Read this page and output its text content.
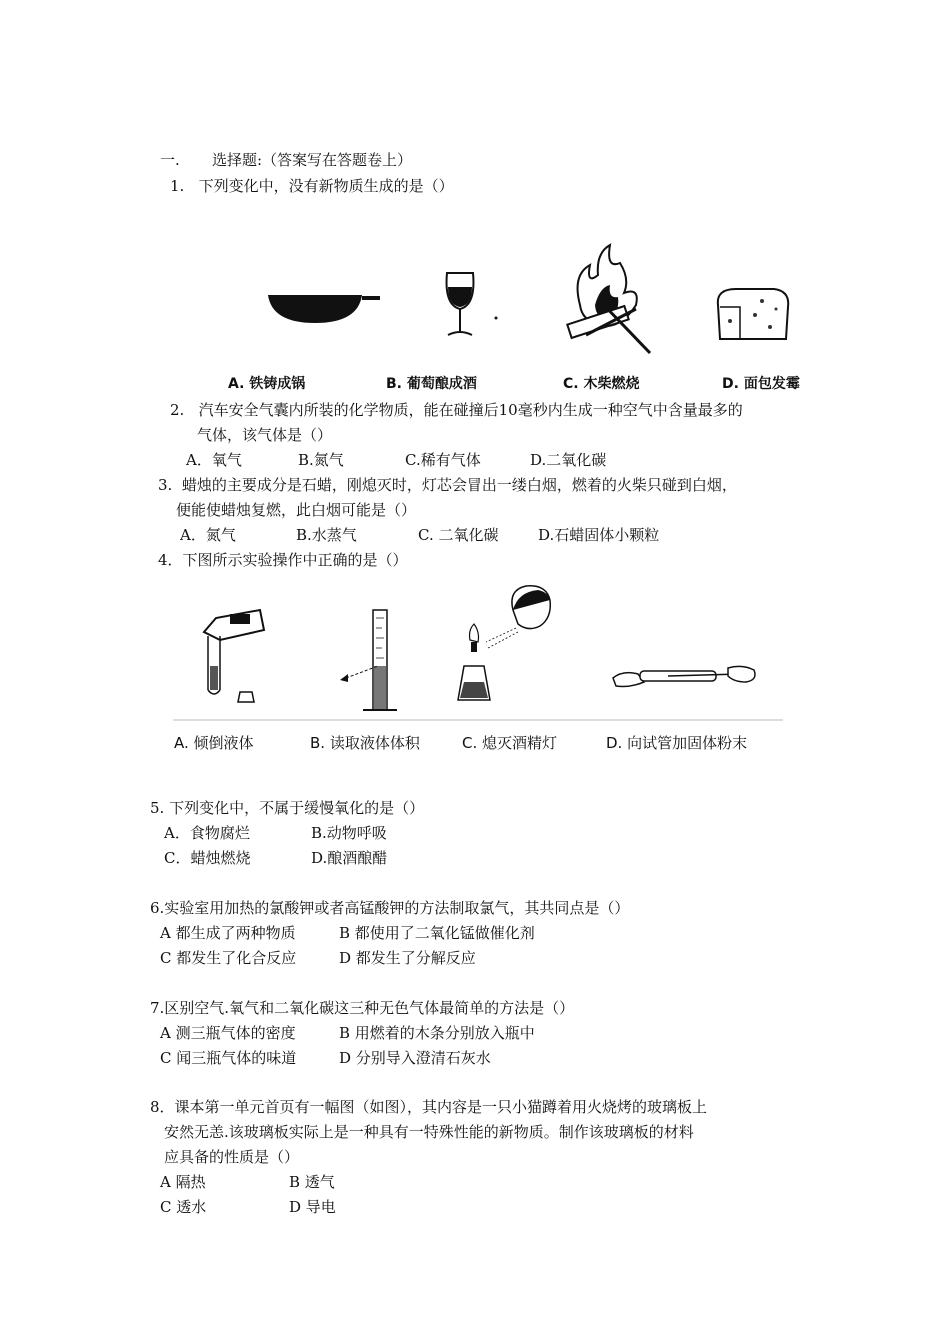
一. 选择题:（答案写在答题卷上）
1.   下列变化中，没有新物质生成的是（）
A. 铁铸成锅	B. 葡萄酿成酒	C. 木柴燃烧	D. 面包发霉
2.   汽车安全气囊内所装的化学物质，能在碰撞后10毫秒内生成一种空气中含量最多的
气体，该气体是（）
A．氧气	B.氮气	C.稀有气体	D.二氧化碳
3.  蜡烛的主要成分是石蜡，刚熄灭时，灯芯会冒出一缕白烟，燃着的火柴只碰到白烟，
便能使蜡烛复燃，此白烟可能是（）
A．氮气	B.水蒸气	C. 二氧化碳	D.石蜡固体小颗粒
4．下图所示实验操作中正确的是（）
A. 倾倒液体	B. 读取液体体积	C. 熄灭酒精灯	D. 向试管加固体粉末
5. 下列变化中，不属于缓慢氧化的是（）
A．食物腐烂	B.动物呼吸
C．蜡烛燃烧	D.酿酒酿醋
6.实验室用加热的氯酸钾或者高锰酸钾的方法制取氯气，其共同点是（）
A 都生成了两种物质	B 都使用了二氧化锰做催化剂
C 都发生了化合反应	D 都发生了分解反应
7.区别空气.氧气和二氧化碳这三种无色气体最简单的方法是（）
A 测三瓶气体的密度	B 用燃着的木条分别放入瓶中
C 闻三瓶气体的味道	D 分别导入澄清石灰水
8．课本第一单元首页有一幅图（如图），其内容是一只小猫蹲着用火烧烤的玻璃板上
安然无恙.该玻璃板实际上是一种具有一特殊性能的新物质。制作该玻璃板的材料
应具备的性质是（）
A 隔热	B 透气
C 透水	D 导电
